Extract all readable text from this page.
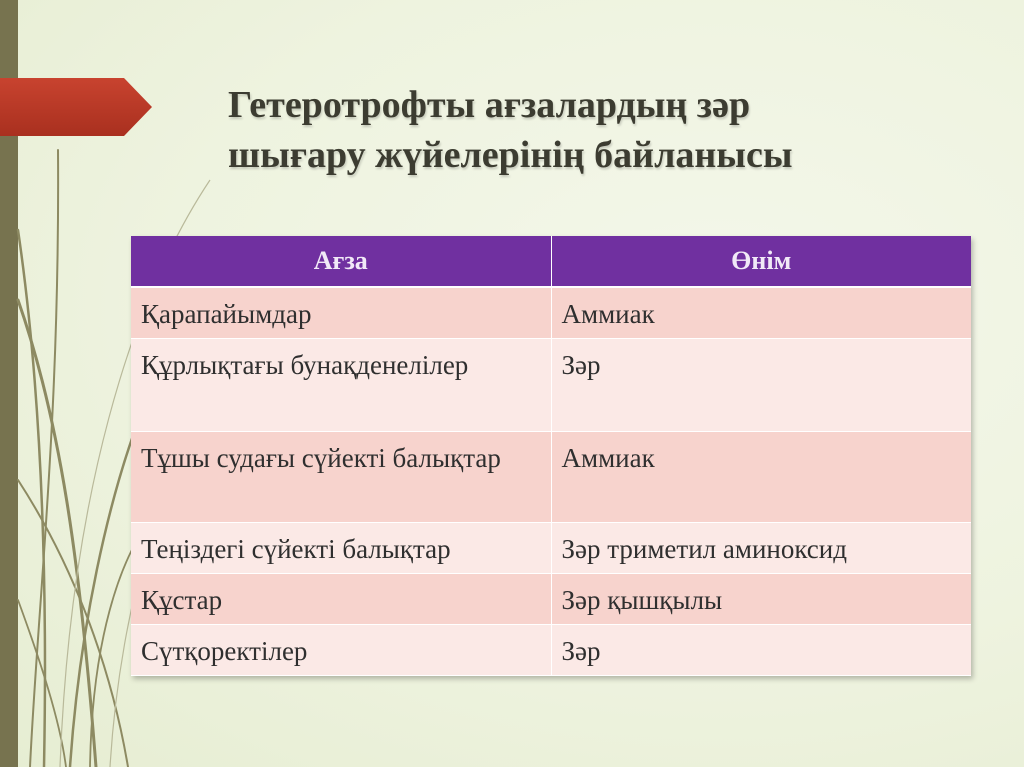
Гетеротрофты ағзалардың зәр
шығару жүйелерінің байланысы
Ағза	Өнім
Қарапайымдар	Аммиак
Құрлықтағы бунақденелілер	Зәр
Тұшы судағы сүйекті балықтар	Аммиак
Теңіздегі сүйекті балықтар	Зәр триметил аминоксид
Құстар	Зәр қышқылы
Сүтқоректілер	Зәр
